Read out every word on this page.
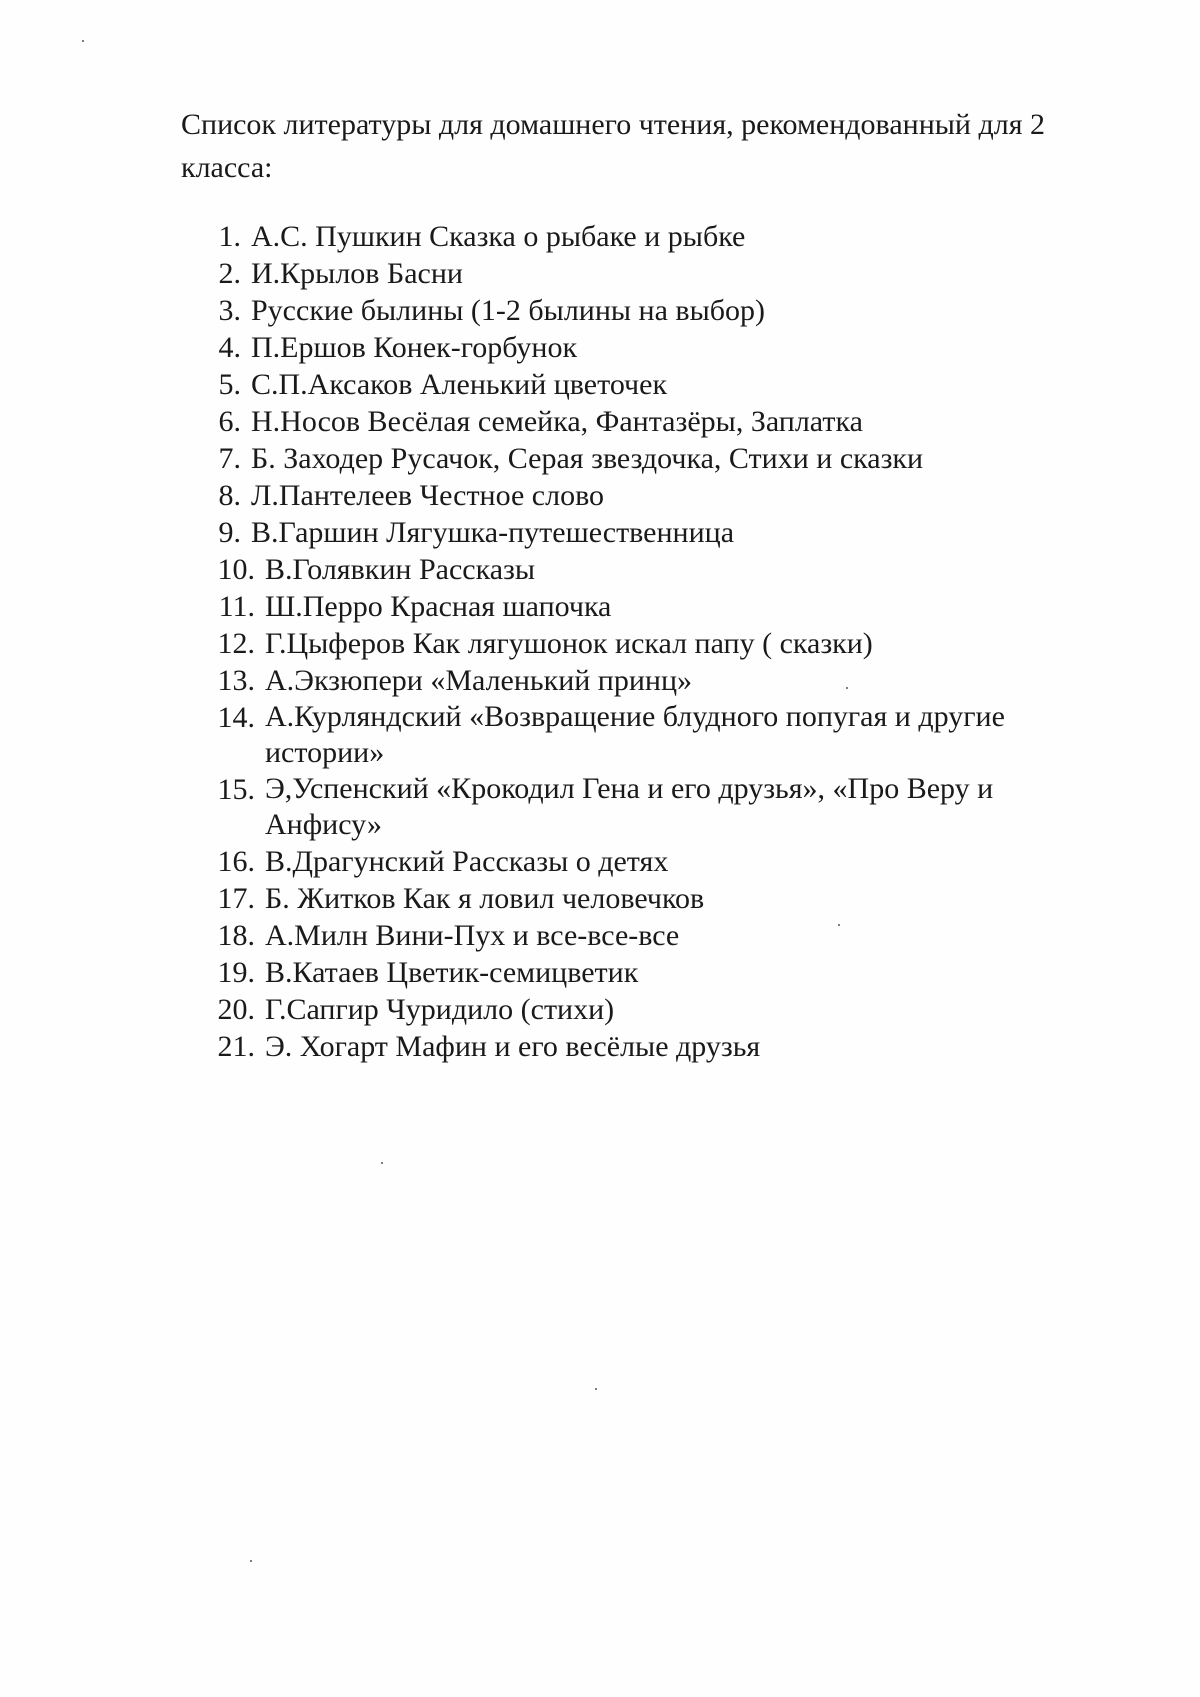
Список литературы для домашнего чтения, рекомендованный для 2 класса:

1. А.С. Пушкин Сказка о рыбаке и рыбке
2. И.Крылов Басни
3. Русские былины (1-2 былины на выбор)
4. П.Ершов Конек-горбунок
5. С.П.Аксаков Аленький цветочек
6. Н.Носов Весёлая семейка, Фантазёры, Заплатка
7. Б. Заходер Русачок, Серая звездочка, Стихи и сказки
8. Л.Пантелеев Честное слово
9. В.Гаршин Лягушка-путешественница
10. В.Голявкин Рассказы
11. Ш.Перро Красная шапочка
12. Г.Цыферов Как лягушонок искал папу ( сказки)
13. А.Экзюпери «Маленький принц»
14. А.Курляндский «Возвращение блудного попугая и другие истории»
15. Э,Успенский «Крокодил Гена и его друзья», «Про Веру и Анфису»
16. В.Драгунский Рассказы о детях
17. Б. Житков Как я ловил человечков
18. А.Милн Вини-Пух и все-все-все
19. В.Катаев Цветик-семицветик
20. Г.Сапгир Чуридило (стихи)
21. Э. Хогарт Мафин и его весёлые друзья
